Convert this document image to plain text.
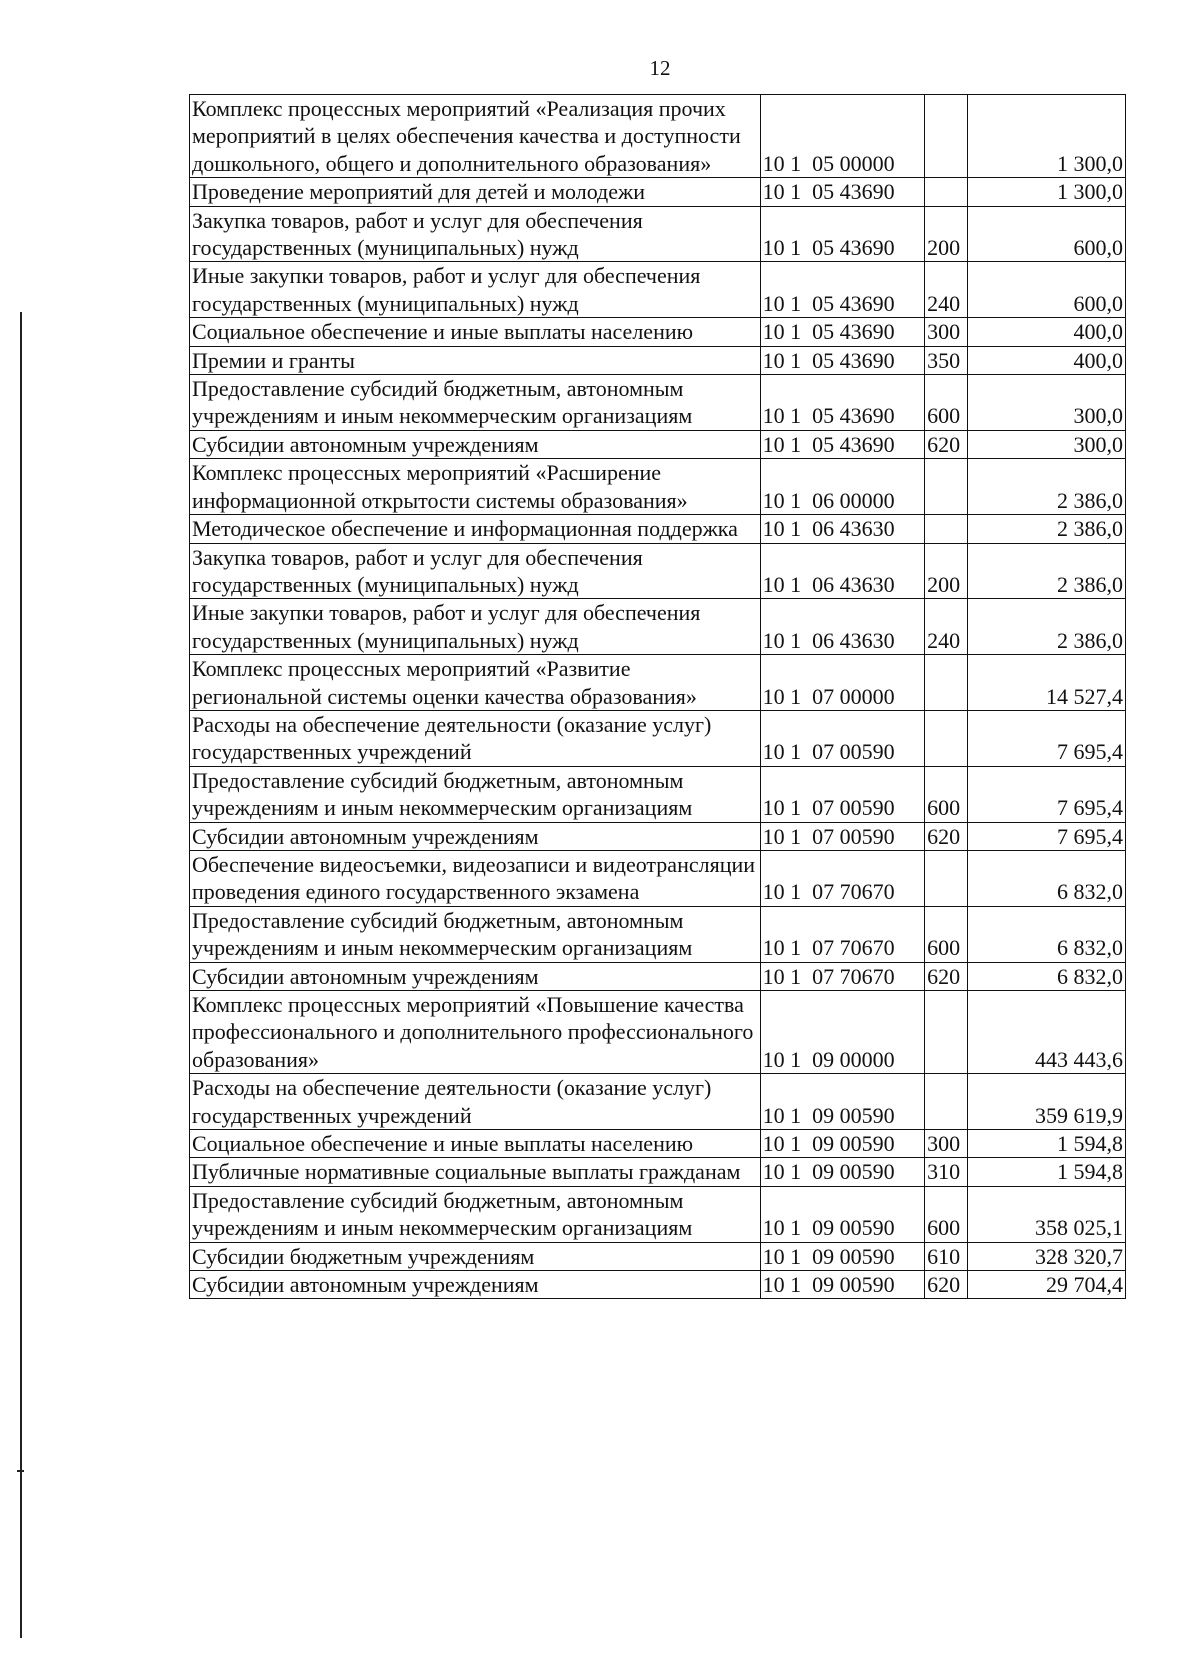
12
Комплекс процессных мероприятий «Реализация прочих мероприятий в целях обеспечения качества и доступности дошкольного, общего и дополнительного образования»	10 1  05 00000		1 300,0
Проведение мероприятий для детей и молодежи	10 1  05 43690		1 300,0
Закупка товаров, работ и услуг для обеспечения государственных (муниципальных) нужд	10 1  05 43690	200	600,0
Иные закупки товаров, работ и услуг для обеспечения государственных (муниципальных) нужд	10 1  05 43690	240	600,0
Социальное обеспечение и иные выплаты населению	10 1  05 43690	300	400,0
Премии и гранты	10 1  05 43690	350	400,0
Предоставление субсидий бюджетным, автономным учреждениям и иным некоммерческим организациям	10 1  05 43690	600	300,0
Субсидии автономным учреждениям	10 1  05 43690	620	300,0
Комплекс процессных мероприятий «Расширение информационной открытости системы образования»	10 1  06 00000		2 386,0
Методическое обеспечение и информационная поддержка	10 1  06 43630		2 386,0
Закупка товаров, работ и услуг для обеспечения государственных (муниципальных) нужд	10 1  06 43630	200	2 386,0
Иные закупки товаров, работ и услуг для обеспечения государственных (муниципальных) нужд	10 1  06 43630	240	2 386,0
Комплекс процессных мероприятий «Развитие региональной системы оценки качества образования»	10 1  07 00000		14 527,4
Расходы на обеспечение деятельности (оказание услуг) государственных учреждений	10 1  07 00590		7 695,4
Предоставление субсидий бюджетным, автономным учреждениям и иным некоммерческим организациям	10 1  07 00590	600	7 695,4
Субсидии автономным учреждениям	10 1  07 00590	620	7 695,4
Обеспечение видеосъемки, видеозаписи и видеотрансляции проведения единого государственного экзамена	10 1  07 70670		6 832,0
Предоставление субсидий бюджетным, автономным учреждениям и иным некоммерческим организациям	10 1  07 70670	600	6 832,0
Субсидии автономным учреждениям	10 1  07 70670	620	6 832,0
Комплекс процессных мероприятий «Повышение качества профессионального и дополнительного профессионального образования»	10 1  09 00000		443 443,6
Расходы на обеспечение деятельности (оказание услуг) государственных учреждений	10 1  09 00590		359 619,9
Социальное обеспечение и иные выплаты населению	10 1  09 00590	300	1 594,8
Публичные нормативные социальные выплаты гражданам	10 1  09 00590	310	1 594,8
Предоставление субсидий бюджетным, автономным учреждениям и иным некоммерческим организациям	10 1  09 00590	600	358 025,1
Субсидии бюджетным учреждениям	10 1  09 00590	610	328 320,7
Субсидии автономным учреждениям	10 1  09 00590	620	29 704,4
